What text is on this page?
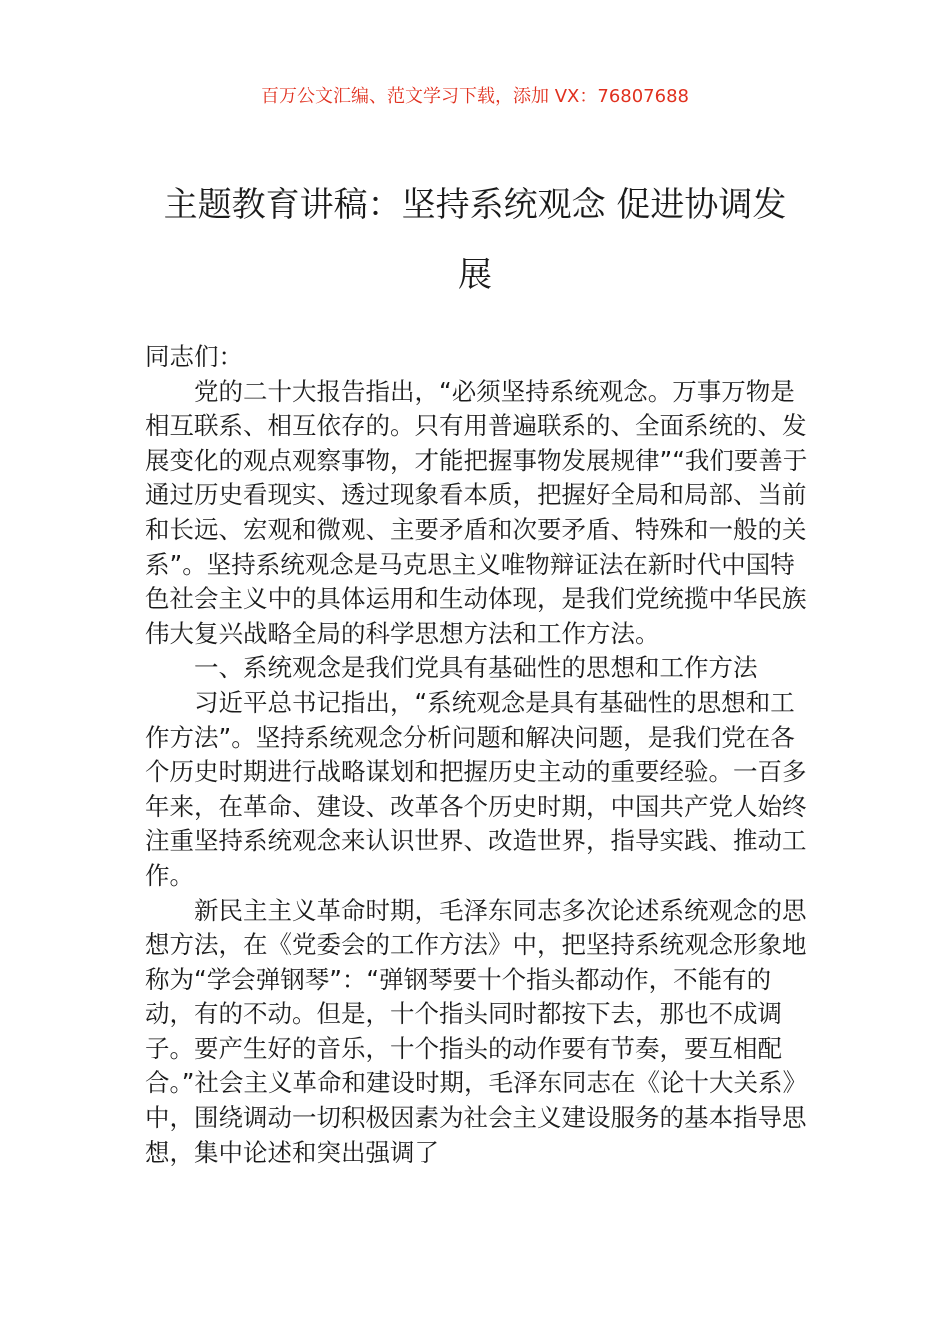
百万公文汇编、范文学习下载，添加 VX：76807688
主题教育讲稿：坚持系统观念 促进协调发
展

同志们：

党的二十大报告指出，“必须坚持系统观念。万事万物是相互联系、相互依存的。只有用普遍联系的、全面系统的、发展变化的观点观察事物，才能把握事物发展规律”“我们要善于通过历史看现实、透过现象看本质，把握好全局和局部、当前和长远、宏观和微观、主要矛盾和次要矛盾、特殊和一般的关系”。坚持系统观念是马克思主义唯物辩证法在新时代中国特色社会主义中的具体运用和生动体现，是我们党统揽中华民族伟大复兴战略全局的科学思想方法和工作方法。

一、系统观念是我们党具有基础性的思想和工作方法

习近平总书记指出，“系统观念是具有基础性的思想和工作方法”。坚持系统观念分析问题和解决问题，是我们党在各个历史时期进行战略谋划和把握历史主动的重要经验。一百多年来，在革命、建设、改革各个历史时期，中国共产党人始终注重坚持系统观念来认识世界、改造世界，指导实践、推动工作。

新民主主义革命时期，毛泽东同志多次论述系统观念的思想方法，在《党委会的工作方法》中，把坚持系统观念形象地称为“学会弹钢琴”：“弹钢琴要十个指头都动作，不能有的动，有的不动。但是，十个指头同时都按下去，那也不成调子。要产生好的音乐，十个指头的动作要有节奏，要互相配合。”社会主义革命和建设时期，毛泽东同志在《论十大关系》中，围绕调动一切积极因素为社会主义建设服务的基本指导思想，集中论述和突出强调了
